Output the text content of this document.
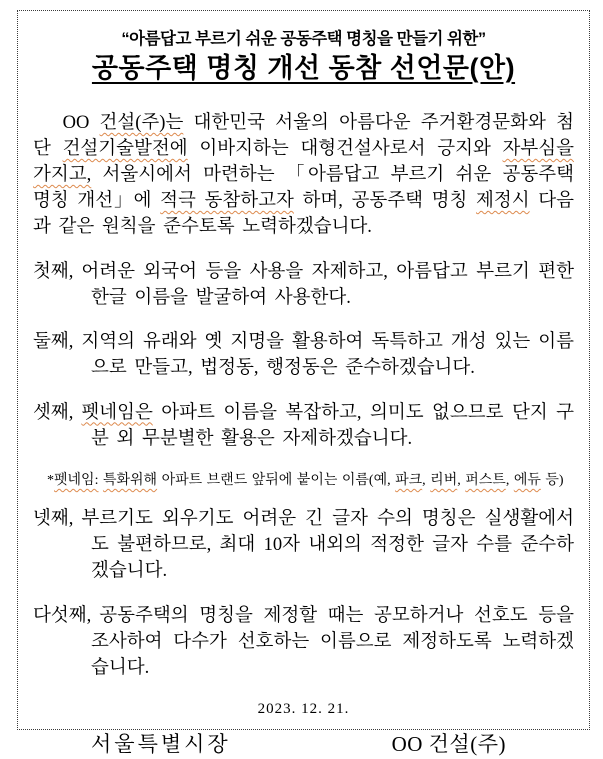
“아름답고 부르기 쉬운 공동주택 명칭을 만들기 위한”
공동주택 명칭 개선 동참 선언문(안)

OO 건설(주)는 대한민국 서울의 아름다운 주거환경문화와 첨단 건설기술발전에 이바지하는 대형건설사로서 긍지와 자부심을 가지고, 서울시에서 마련하는 「아름답고 부르기 쉬운 공동주택 명칭 개선」에 적극 동참하고자 하며, 공동주택 명칭 제정시 다음과 같은 원칙을 준수토록 노력하겠습니다.

첫째, 어려운 외국어 등을 사용을 자제하고, 아름답고 부르기 편한 한글 이름을 발굴하여 사용한다.

둘째, 지역의 유래와 옛 지명을 활용하여 독특하고 개성 있는 이름으로 만들고, 법정동, 행정동은 준수하겠습니다.

셋째, 펫네임은 아파트 이름을 복잡하고, 의미도 없으므로 단지 구분 외 무분별한 활용은 자제하겠습니다.

*펫네임: 특화위해 아파트 브랜드 앞뒤에 붙이는 이름(예, 파크, 리버, 퍼스트, 에듀 등)

넷째, 부르기도 외우기도 어려운 긴 글자 수의 명칭은 실생활에서도 불편하므로, 최대 10자 내외의 적정한 글자 수를 준수하겠습니다.

다섯째, 공동주택의 명칭을 제정할 때는 공모하거나 선호도 등을 조사하여 다수가 선호하는 이름으로 제정하도록 노력하겠습니다.

2023. 12. 21.
서울특별시장	OO 건설(주)
